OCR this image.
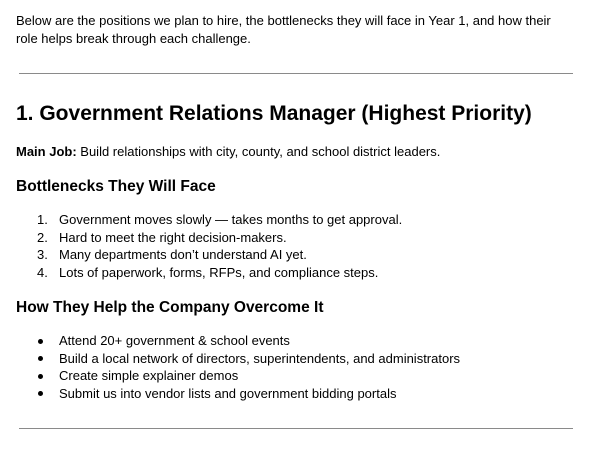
Below are the positions we plan to hire, the bottlenecks they will face in Year 1, and how their role helps break through each challenge.
1. Government Relations Manager (Highest Priority)
Main Job: Build relationships with city, county, and school district leaders.
Bottlenecks They Will Face
1. Government moves slowly — takes months to get approval.
2. Hard to meet the right decision-makers.
3. Many departments don’t understand AI yet.
4. Lots of paperwork, forms, RFPs, and compliance steps.
How They Help the Company Overcome It
Attend 20+ government & school events
Build a local network of directors, superintendents, and administrators
Create simple explainer demos
Submit us into vendor lists and government bidding portals
